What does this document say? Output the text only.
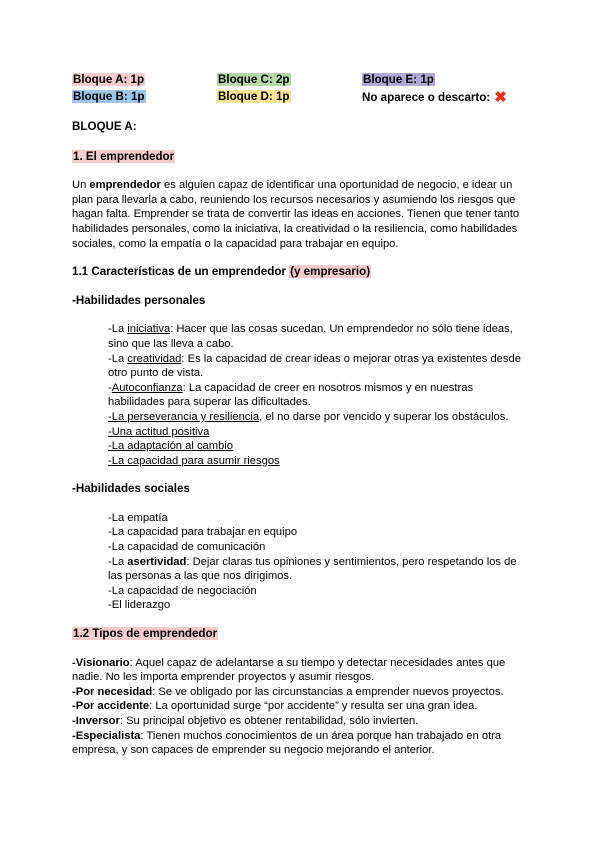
Bloque A: 1p	Bloque C: 2p	Bloque E: 1p
Bloque B: 1p	Bloque D: 1p	No aparece o descarto: ✖

BLOQUE A:

1. El emprendedor

Un emprendedor es alguien capaz de identificar una oportunidad de negocio, e idear un plan para llevarla a cabo, reuniendo los recursos necesarios y asumiendo los riesgos que hagan falta. Emprender se trata de convertir las ideas en acciones. Tienen que tener tanto habilidades personales, como la iniciativa, la creatividad o la resiliencia, como habilidades sociales, como la empatía o la capacidad para trabajar en equipo.

1.1 Características de un emprendedor (y empresario)

-Habilidades personales

-La iniciativa: Hacer que las cosas sucedan. Un emprendedor no sólo tiene ideas, sino que las lleva a cabo.

-La creatividad: Es la capacidad de crear ideas o mejorar otras ya existentes desde otro punto de vista.

-Autoconfianza: La capacidad de creer en nosotros mismos y en nuestras habilidades para superar las dificultades.

-La perseverancia y resiliencia, el no darse por vencido y superar los obstáculos.

-Una actitud positiva

-La adaptación al cambio

-La capacidad para asumir riesgos

-Habilidades sociales

-La empatía

-La capacidad para trabajar en equipo

-La capacidad de comunicación

-La asertividad: Dejar claras tus opiniones y sentimientos, pero respetando los de las personas a las que nos dirigimos.

-La capacidad de negociación

-El liderazgo

1.2 Tipos de emprendedor

-Visionario: Aquel capaz de adelantarse a su tiempo y detectar necesidades antes que nadie. No les importa emprender proyectos y asumir riesgos.

-Por necesidad: Se ve obligado por las circunstancias a emprender nuevos proyectos.

-Por accidente: La oportunidad surge “por accidente” y resulta ser una gran idea.

-Inversor: Su principal objetivo es obtener rentabilidad, sólo invierten.

-Especialista: Tienen muchos conocimientos de un área porque han trabajado en otra empresa, y son capaces de emprender su negocio mejorando el anterior.
